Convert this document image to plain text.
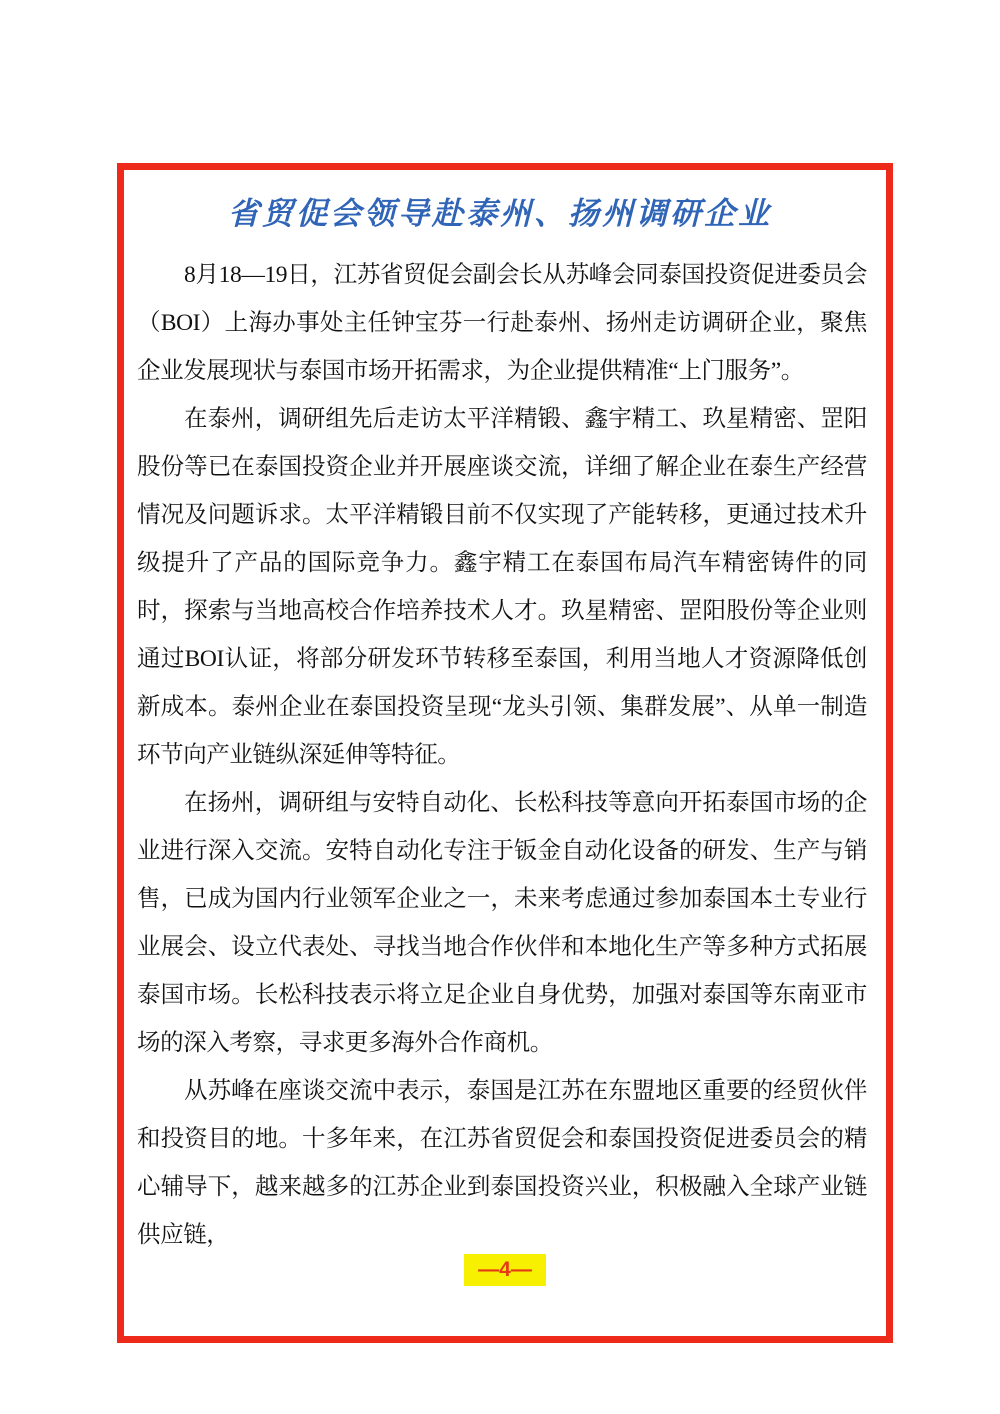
省贸促会领导赴泰州、扬州调研企业

8月18—19日，江苏省贸促会副会长从苏峰会同泰国投资促进委员会（BOI）上海办事处主任钟宝芬一行赴泰州、扬州走访调研企业，聚焦企业发展现状与泰国市场开拓需求，为企业提供精准“上门服务”。

在泰州，调研组先后走访太平洋精锻、鑫宇精工、玖星精密、罡阳股份等已在泰国投资企业并开展座谈交流，详细了解企业在泰生产经营情况及问题诉求。太平洋精锻目前不仅实现了产能转移，更通过技术升级提升了产品的国际竞争力。鑫宇精工在泰国布局汽车精密铸件的同时，探索与当地高校合作培养技术人才。玖星精密、罡阳股份等企业则通过BOI认证，将部分研发环节转移至泰国，利用当地人才资源降低创新成本。泰州企业在泰国投资呈现“龙头引领、集群发展”、从单一制造环节向产业链纵深延伸等特征。

在扬州，调研组与安特自动化、长松科技等意向开拓泰国市场的企业进行深入交流。安特自动化专注于钣金自动化设备的研发、生产与销售，已成为国内行业领军企业之一，未来考虑通过参加泰国本土专业行业展会、设立代表处、寻找当地合作伙伴和本地化生产等多种方式拓展泰国市场。长松科技表示将立足企业自身优势，加强对泰国等东南亚市场的深入考察，寻求更多海外合作商机。

从苏峰在座谈交流中表示，泰国是江苏在东盟地区重要的经贸伙伴和投资目的地。十多年来，在江苏省贸促会和泰国投资促进委员会的精心辅导下，越来越多的江苏企业到泰国投资兴业，积极融入全球产业链供应链，

—4—
